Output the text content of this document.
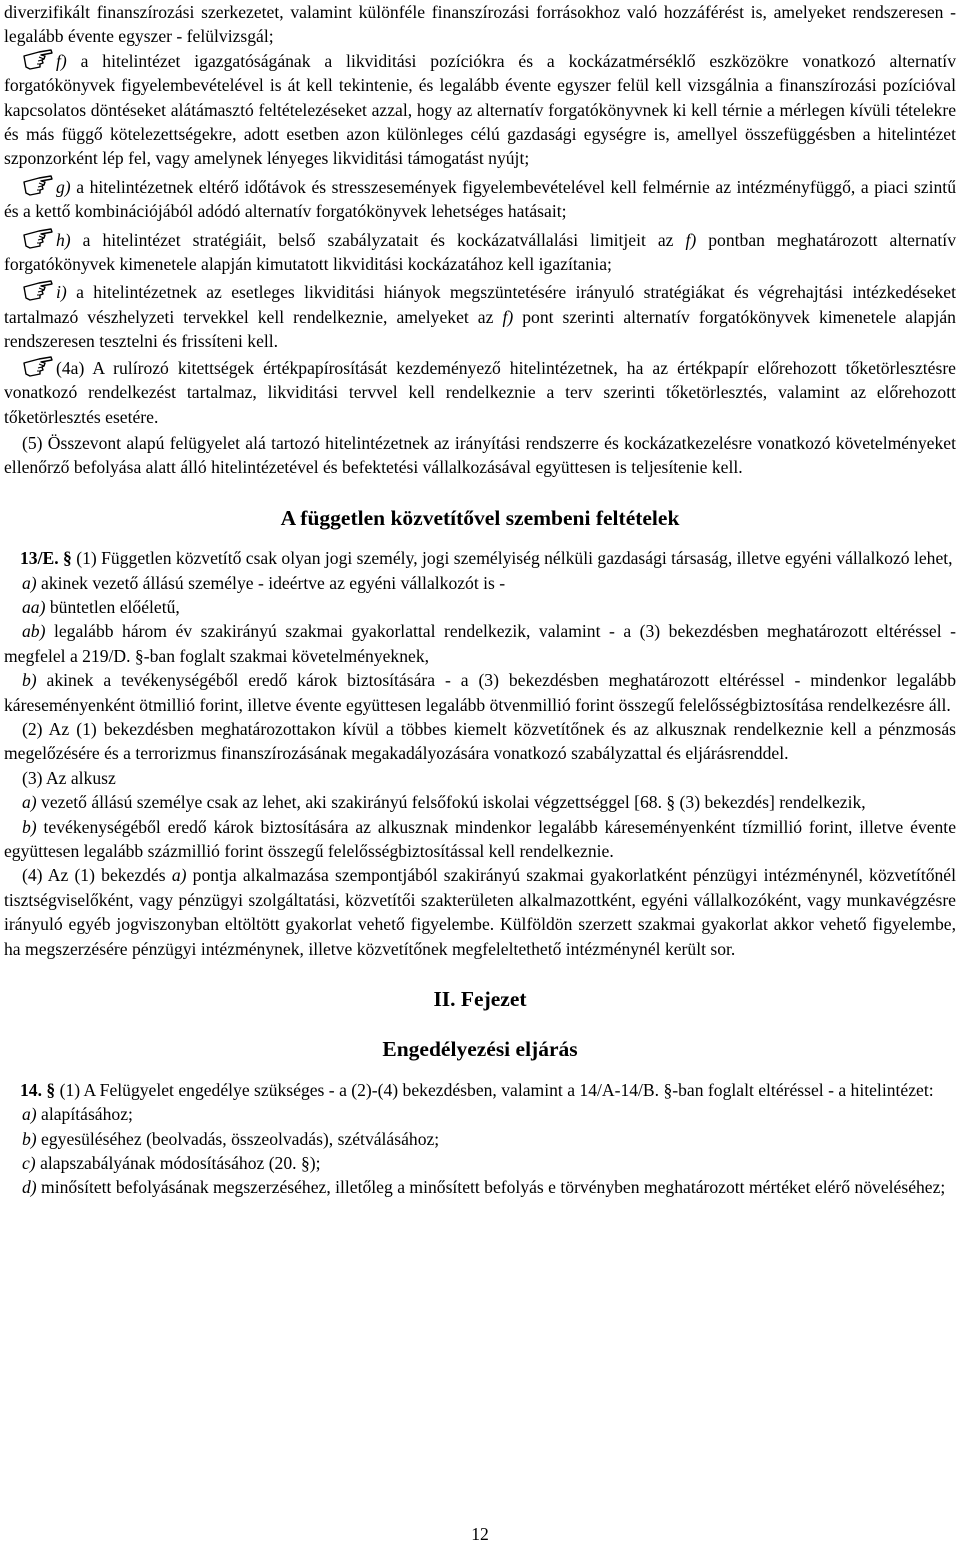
diverzifikált finanszírozási szerkezetet, valamint különféle finanszírozási forrásokhoz való hozzáférést is, amelyeket rendszeresen - legalább évente egyszer - felülvizsgál;

f) a hitelintézet igazgatóságának a likviditási pozíciókra és a kockázatmérséklő eszközökre vonatkozó alternatív forgatókönyvek figyelembevételével is át kell tekintenie, és legalább évente egyszer felül kell vizsgálnia a finanszírozási pozícióval kapcsolatos döntéseket alátámasztó feltételezéseket azzal, hogy az alternatív forgatókönyvnek ki kell térnie a mérlegen kívüli tételekre és más függő kötelezettségekre, adott esetben azon különleges célú gazdasági egységre is, amellyel összefüggésben a hitelintézet szponzorként lép fel, vagy amelynek lényeges likviditási támogatást nyújt;

g) a hitelintézetnek eltérő időtávok és stresszesemények figyelembevételével kell felmérnie az intézményfüggő, a piaci szintű és a kettő kombinációjából adódó alternatív forgatókönyvek lehetséges hatásait;

h) a hitelintézet stratégiáit, belső szabályzatait és kockázatvállalási limitjeit az f) pontban meghatározott alternatív forgatókönyvek kimenetele alapján kimutatott likviditási kockázatához kell igazítania;

i) a hitelintézetnek az esetleges likviditási hiányok megszüntetésére irányuló stratégiákat és végrehajtási intézkedéseket tartalmazó vészhelyzeti tervekkel kell rendelkeznie, amelyeket az f) pont szerinti alternatív forgatókönyvek kimenetele alapján rendszeresen tesztelni és frissíteni kell.

(4a) A rulírozó kitettségek értékpapírosítását kezdeményező hitelintézetnek, ha az értékpapír előrehozott tőketörlesztésre vonatkozó rendelkezést tartalmaz, likviditási tervvel kell rendelkeznie a terv szerinti tőketörlesztés, valamint az előrehozott tőketörlesztés esetére.

(5) Összevont alapú felügyelet alá tartozó hitelintézetnek az irányítási rendszerre és kockázatkezelésre vonatkozó követelményeket ellenőrző befolyása alatt álló hitelintézetével és befektetési vállalkozásával együttesen is teljesítenie kell.

A független közvetítővel szembeni feltételek

13/E. § (1) Független közvetítő csak olyan jogi személy, jogi személyiség nélküli gazdasági társaság, illetve egyéni vállalkozó lehet,

a) akinek vezető állású személye - ideértve az egyéni vállalkozót is -

aa) büntetlen előéletű,

ab) legalább három év szakirányú szakmai gyakorlattal rendelkezik, valamint - a (3) bekezdésben meghatározott eltéréssel - megfelel a 219/D. §-ban foglalt szakmai követelményeknek,

b) akinek a tevékenységéből eredő károk biztosítására - a (3) bekezdésben meghatározott eltéréssel - mindenkor legalább káreseményenként ötmillió forint, illetve évente együttesen legalább ötvenmillió forint összegű felelősségbiztosítása rendelkezésre áll.

(2) Az (1) bekezdésben meghatározottakon kívül a többes kiemelt közvetítőnek és az alkusznak rendelkeznie kell a pénzmosás megelőzésére és a terrorizmus finanszírozásának megakadályozására vonatkozó szabályzattal és eljárásrenddel.

(3) Az alkusz

a) vezető állású személye csak az lehet, aki szakirányú felsőfokú iskolai végzettséggel [68. § (3) bekezdés] rendelkezik,

b) tevékenységéből eredő károk biztosítására az alkusznak mindenkor legalább káreseményenként tízmillió forint, illetve évente együttesen legalább százmillió forint összegű felelősségbiztosítással kell rendelkeznie.

(4) Az (1) bekezdés a) pontja alkalmazása szempontjából szakirányú szakmai gyakorlatként pénzügyi intézménynél, közvetítőnél tisztségviselőként, vagy pénzügyi szolgáltatási, közvetítői szakterületen alkalmazottként, egyéni vállalkozóként, vagy munkavégzésre irányuló egyéb jogviszonyban eltöltött gyakorlat vehető figyelembe. Külföldön szerzett szakmai gyakorlat akkor vehető figyelembe, ha megszerzésére pénzügyi intézménynek, illetve közvetítőnek megfeleltethető intézménynél került sor.

II. Fejezet

Engedélyezési eljárás

14. § (1) A Felügyelet engedélye szükséges - a (2)-(4) bekezdésben, valamint a 14/A-14/B. §-ban foglalt eltéréssel - a hitelintézet:

a) alapításához;

b) egyesüléséhez (beolvadás, összeolvadás), szétválásához;

c) alapszabályának módosításához (20. §);

d) minősített befolyásának megszerzéséhez, illetőleg a minősített befolyás e törvényben meghatározott mértéket elérő növeléséhez;

12
